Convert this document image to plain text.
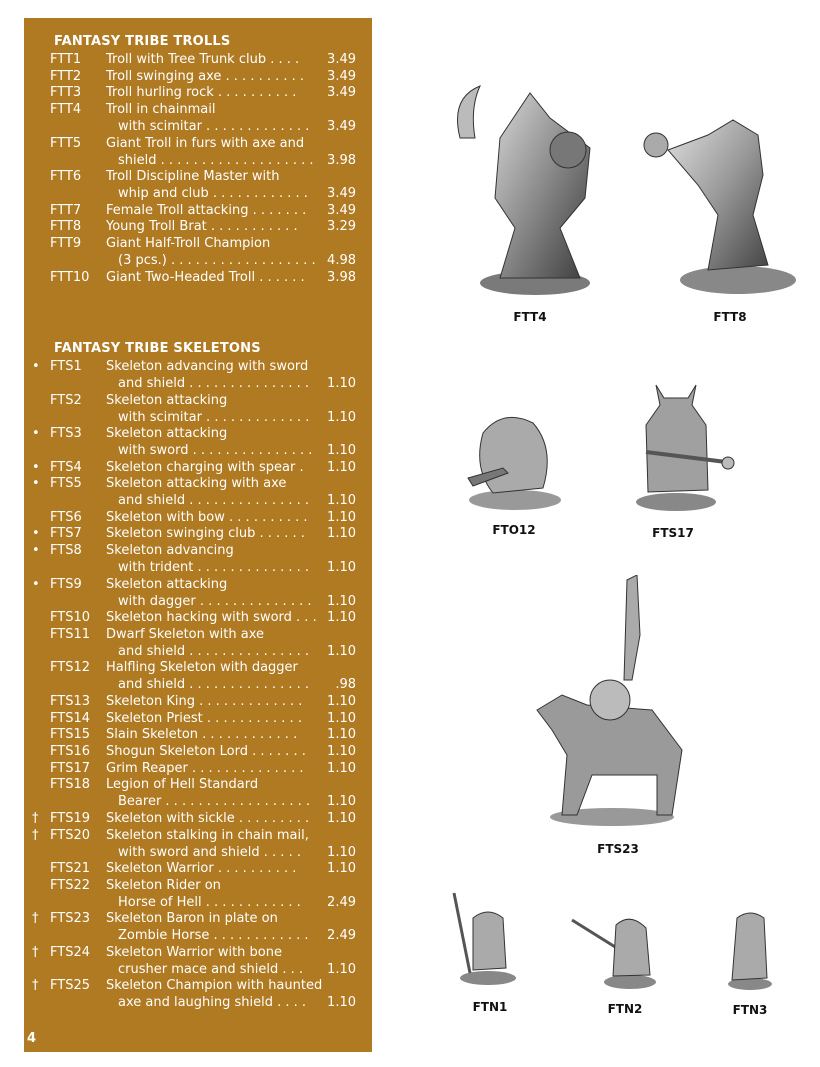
FANTASY TRIBE TROLLS
FTT1 Troll with Tree Trunk club . . . . 3.49
FTT2 Troll swinging axe . . . . . . . . . . 3.49
FTT3 Troll hurling rock . . . . . . . . . . 3.49
FTT4 Troll in chainmail
with scimitar . . . . . . . . . . . . . 3.49
FTT5 Giant Troll in furs with axe and
shield . . . . . . . . . . . . . . . . . . . 3.98
FTT6 Troll Discipline Master with
whip and club . . . . . . . . . . . . 3.49
FTT7 Female Troll attacking . . . . . . . 3.49
FTT8 Young Troll Brat . . . . . . . . . . . 3.29
FTT9 Giant Half-Troll Champion
(3 pcs.) . . . . . . . . . . . . . . . . . . 4.98
FTT10 Giant Two-Headed Troll . . . . . . 3.98
FANTASY TRIBE SKELETONS
• FTS1 Skeleton advancing with sword
and shield . . . . . . . . . . . . . . . 1.10
FTS2 Skeleton attacking
with scimitar . . . . . . . . . . . . . 1.10
• FTS3 Skeleton attacking
with sword . . . . . . . . . . . . . . . 1.10
• FTS4 Skeleton charging with spear . 1.10
• FTS5 Skeleton attacking with axe
and shield . . . . . . . . . . . . . . . 1.10
FTS6 Skeleton with bow . . . . . . . . . . 1.10
• FTS7 Skeleton swinging club . . . . . . 1.10
• FTS8 Skeleton advancing
with trident . . . . . . . . . . . . . . 1.10
• FTS9 Skeleton attacking
with dagger . . . . . . . . . . . . . . 1.10
FTS10 Skeleton hacking with sword . . . 1.10
FTS11 Dwarf Skeleton with axe
and shield . . . . . . . . . . . . . . . 1.10
FTS12 Halfling Skeleton with dagger
and shield . . . . . . . . . . . . . . . .98
FTS13 Skeleton King . . . . . . . . . . . . . 1.10
FTS14 Skeleton Priest . . . . . . . . . . . . 1.10
FTS15 Slain Skeleton . . . . . . . . . . . . 1.10
FTS16 Shogun Skeleton Lord . . . . . . . 1.10
FTS17 Grim Reaper . . . . . . . . . . . . . . 1.10
FTS18 Legion of Hell Standard
Bearer . . . . . . . . . . . . . . . . . . 1.10
† FTS19 Skeleton with sickle . . . . . . . . . 1.10
† FTS20 Skeleton stalking in chain mail,
with sword and shield . . . . . 1.10
FTS21 Skeleton Warrior . . . . . . . . . . 1.10
FTS22 Skeleton Rider on
Horse of Hell . . . . . . . . . . . . 2.49
† FTS23 Skeleton Baron in plate on
Zombie Horse . . . . . . . . . . . . 2.49
† FTS24 Skeleton Warrior with bone
crusher mace and shield . . . 1.10
† FTS25 Skeleton Champion with haunted
axe and laughing shield . . . . 1.10
4
FTT4	FTT8
FTO12	FTS17
FTS23
FTN1	FTN2	FTN3
